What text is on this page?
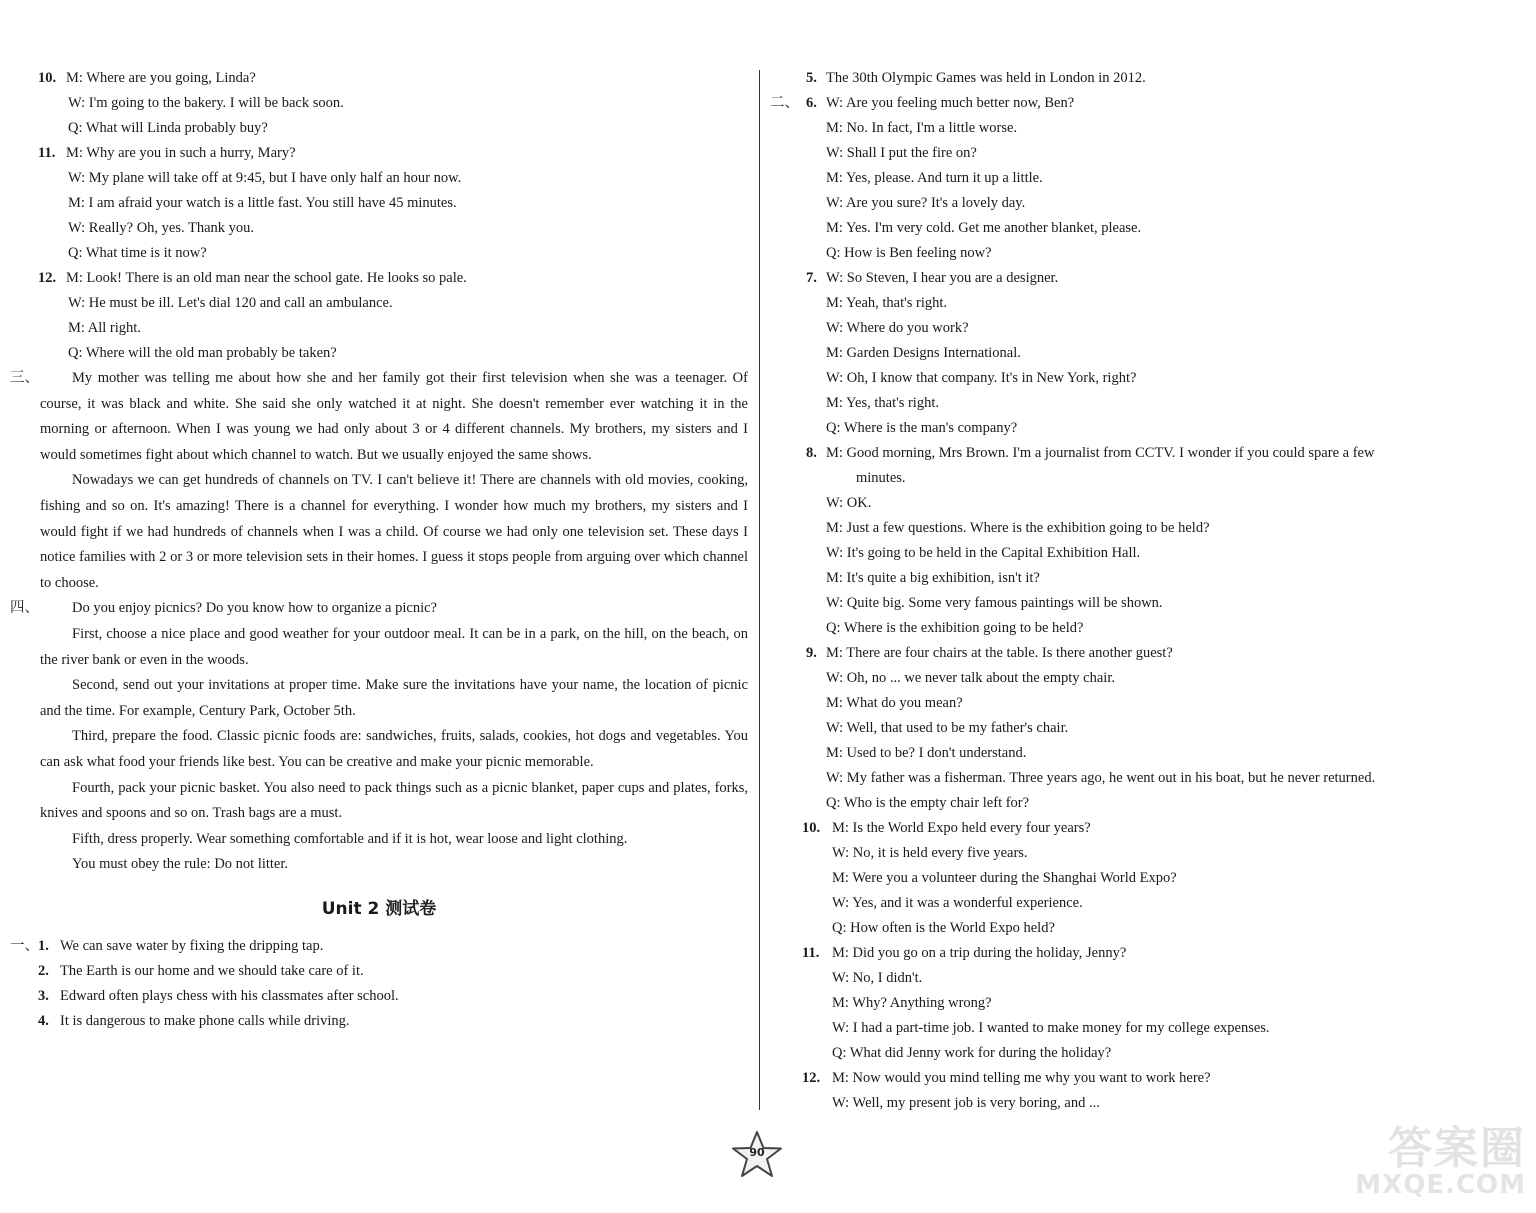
10. M: Where are you going, Linda?
W: I'm going to the bakery. I will be back soon.
Q: What will Linda probably buy?
11. M: Why are you in such a hurry, Mary?
W: My plane will take off at 9:45, but I have only half an hour now.
M: I am afraid your watch is a little fast. You still have 45 minutes.
W: Really? Oh, yes. Thank you.
Q: What time is it now?
12. M: Look! There is an old man near the school gate. He looks so pale.
W: He must be ill. Let's dial 120 and call an ambulance.
M: All right.
Q: Where will the old man probably be taken?
三、	My mother was telling me about how she and her family got their first television when she was a teenager. Of course, it was black and white. She said she only watched it at night. She doesn't remember ever watching it in the morning or afternoon. When I was young we had only about 3 or 4 different channels. My brothers, my sisters and I would sometimes fight about which channel to watch. But we usually enjoyed the same shows.
Nowadays we can get hundreds of channels on TV. I can't believe it! There are channels with old movies, cooking, fishing and so on. It's amazing! There is a channel for everything. I wonder how much my brothers, my sisters and I would fight if we had hundreds of channels when I was a child. Of course we had only one television set. These days I notice families with 2 or 3 or more television sets in their homes. I guess it stops people from arguing over which channel to choose.
四、	Do you enjoy picnics? Do you know how to organize a picnic?
First, choose a nice place and good weather for your outdoor meal. It can be in a park, on the hill, on the beach, on the river bank or even in the woods.
Second, send out your invitations at proper time. Make sure the invitations have your name, the location of picnic and the time. For example, Century Park, October 5th.
Third, prepare the food. Classic picnic foods are: sandwiches, fruits, salads, cookies, hot dogs and vegetables. You can ask what food your friends like best. You can be creative and make your picnic memorable.
Fourth, pack your picnic basket. You also need to pack things such as a picnic blanket, paper cups and plates, forks, knives and spoons and so on. Trash bags are a must.
Fifth, dress properly. Wear something comfortable and if it is hot, wear loose and light clothing.
You must obey the rule: Do not litter.
Unit 2 测试卷
一、 1. We can save water by fixing the dripping tap.
2. The Earth is our home and we should take care of it.
3. Edward often plays chess with his classmates after school.
4. It is dangerous to make phone calls while driving.
5. The 30th Olympic Games was held in London in 2012.
二、 6. W: Are you feeling much better now, Ben?
M: No. In fact, I'm a little worse.
W: Shall I put the fire on?
M: Yes, please. And turn it up a little.
W: Are you sure? It's a lovely day.
M: Yes. I'm very cold. Get me another blanket, please.
Q: How is Ben feeling now?
7. W: So Steven, I hear you are a designer.
M: Yeah, that's right.
W: Where do you work?
M: Garden Designs International.
W: Oh, I know that company. It's in New York, right?
M: Yes, that's right.
Q: Where is the man's company?
8. M: Good morning, Mrs Brown. I'm a journalist from CCTV. I wonder if you could spare a few
minutes.
W: OK.
M: Just a few questions. Where is the exhibition going to be held?
W: It's going to be held in the Capital Exhibition Hall.
M: It's quite a big exhibition, isn't it?
W: Quite big. Some very famous paintings will be shown.
Q: Where is the exhibition going to be held?
9. M: There are four chairs at the table. Is there another guest?
W: Oh, no ... we never talk about the empty chair.
M: What do you mean?
W: Well, that used to be my father's chair.
M: Used to be? I don't understand.
W: My father was a fisherman. Three years ago, he went out in his boat, but he never returned.
Q: Who is the empty chair left for?
10. M: Is the World Expo held every four years?
W: No, it is held every five years.
M: Were you a volunteer during the Shanghai World Expo?
W: Yes, and it was a wonderful experience.
Q: How often is the World Expo held?
11. M: Did you go on a trip during the holiday, Jenny?
W: No, I didn't.
M: Why? Anything wrong?
W: I had a part-time job. I wanted to make money for my college expenses.
Q: What did Jenny work for during the holiday?
12. M: Now would you mind telling me why you want to work here?
W: Well, my present job is very boring, and ...
90	答案圈
MXQE.COM
